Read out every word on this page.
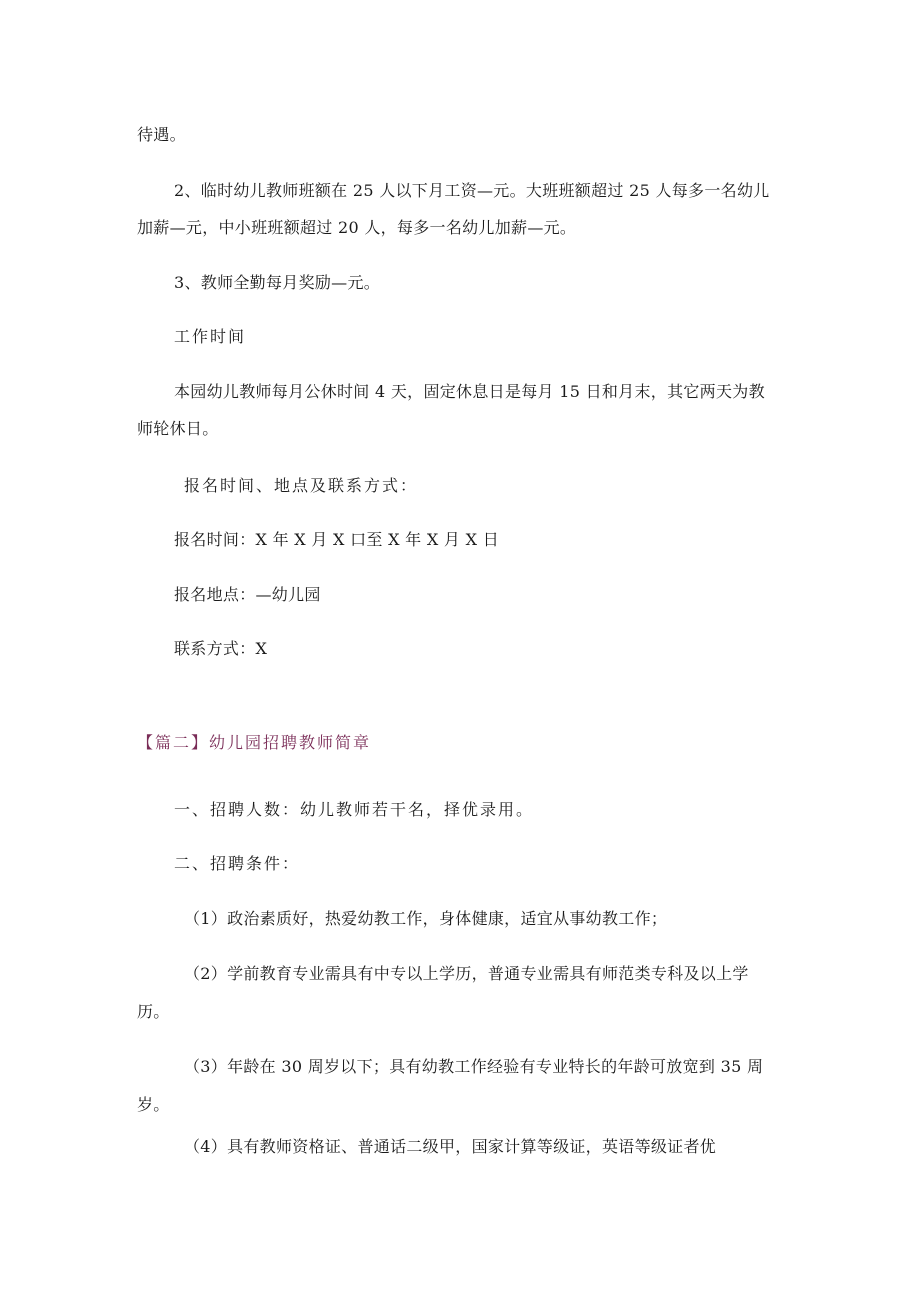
待遇。
2、临时幼儿教师班额在 25 人以下月工资—元。大班班额超过 25 人每多一名幼儿
加薪—元，中小班班额超过 20 人，每多一名幼儿加薪—元。
3、教师全勤每月奖励—元。
工作时间
本园幼儿教师每月公休时间 4 天，固定休息日是每月 15 日和月末，其它两天为教
师轮休日。
报名时间、地点及联系方式：
报名时间：X 年 X 月 X 口至 X 年 X 月 X 日
报名地点：—幼儿园
联系方式：X
【篇二】幼儿园招聘教师简章
一、招聘人数：幼儿教师若干名，择优录用。
二、招聘条件：
（1）政治素质好，热爱幼教工作，身体健康，适宜从事幼教工作；
（2）学前教育专业需具有中专以上学历，普通专业需具有师范类专科及以上学
历。
（3）年龄在 30 周岁以下；具有幼教工作经验有专业特长的年龄可放宽到 35 周
岁。
（4）具有教师资格证、普通话二级甲，国家计算等级证，英语等级证者优
